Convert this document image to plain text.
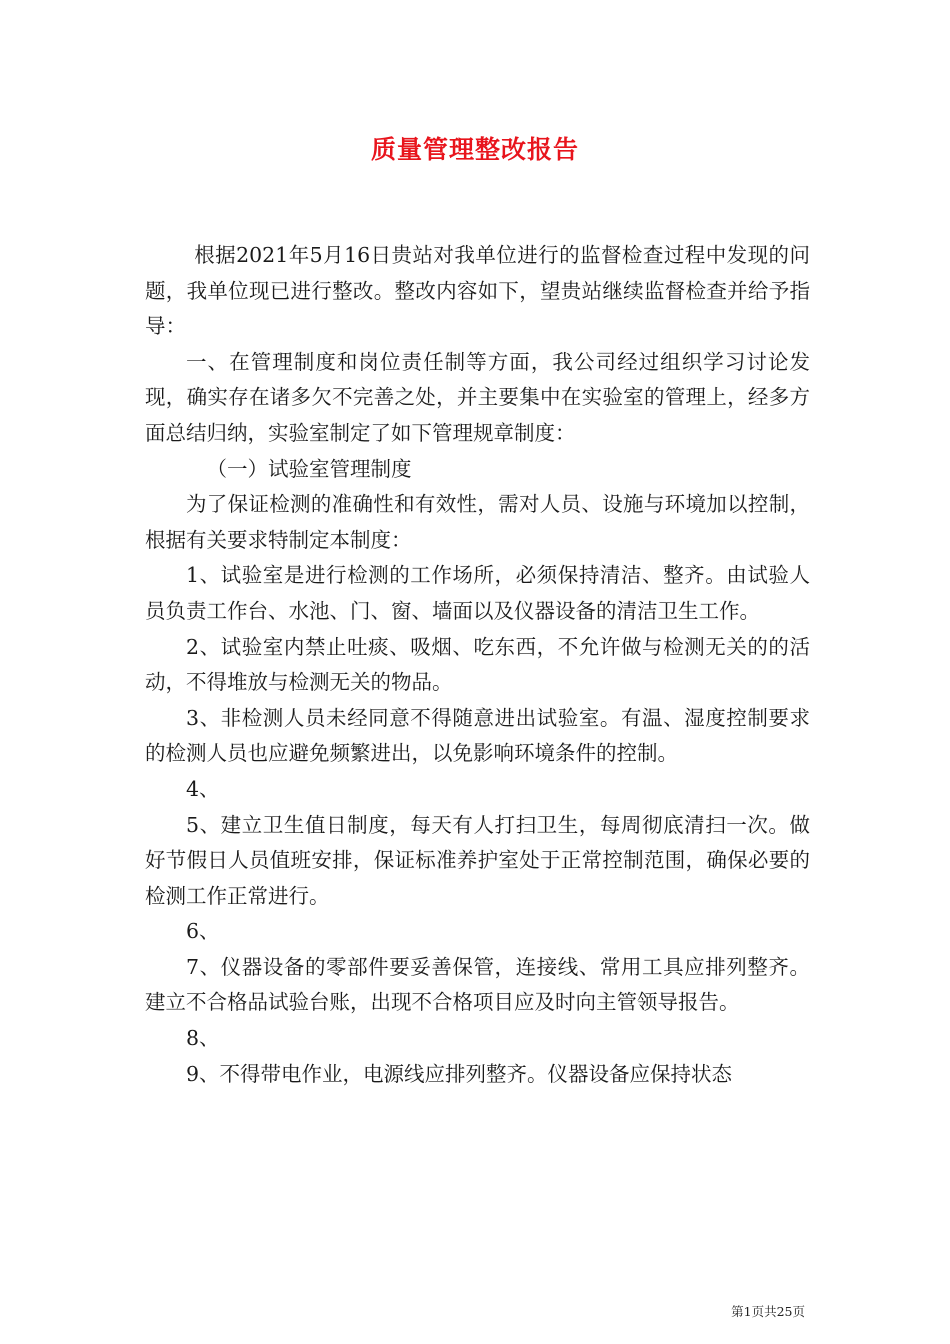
质量管理整改报告

根据2021年5月16日贵站对我单位进行的监督检查过程中发现的问题，我单位现已进行整改。整改内容如下，望贵站继续监督检查并给予指导：

一、在管理制度和岗位责任制等方面，我公司经过组织学习讨论发现，确实存在诸多欠不完善之处，并主要集中在实验室的管理上，经多方面总结归纳，实验室制定了如下管理规章制度：

（一）试验室管理制度

为了保证检测的准确性和有效性，需对人员、设施与环境加以控制，根据有关要求特制定本制度：

1、试验室是进行检测的工作场所，必须保持清洁、整齐。由试验人员负责工作台、水池、门、窗、墙面以及仪器设备的清洁卫生工作。

2、试验室内禁止吐痰、吸烟、吃东西，不允许做与检测无关的的活动，不得堆放与检测无关的物品。

3、非检测人员未经同意不得随意进出试验室。有温、湿度控制要求的检测人员也应避免频繁进出，以免影响环境条件的控制。

4、

5、建立卫生值日制度，每天有人打扫卫生，每周彻底清扫一次。做好节假日人员值班安排，保证标准养护室处于正常控制范围，确保必要的检测工作正常进行。

6、

7、仪器设备的零部件要妥善保管，连接线、常用工具应排列整齐。建立不合格品试验台账，出现不合格项目应及时向主管领导报告。

8、

9、不得带电作业，电源线应排列整齐。仪器设备应保持状态

第1页共25页
